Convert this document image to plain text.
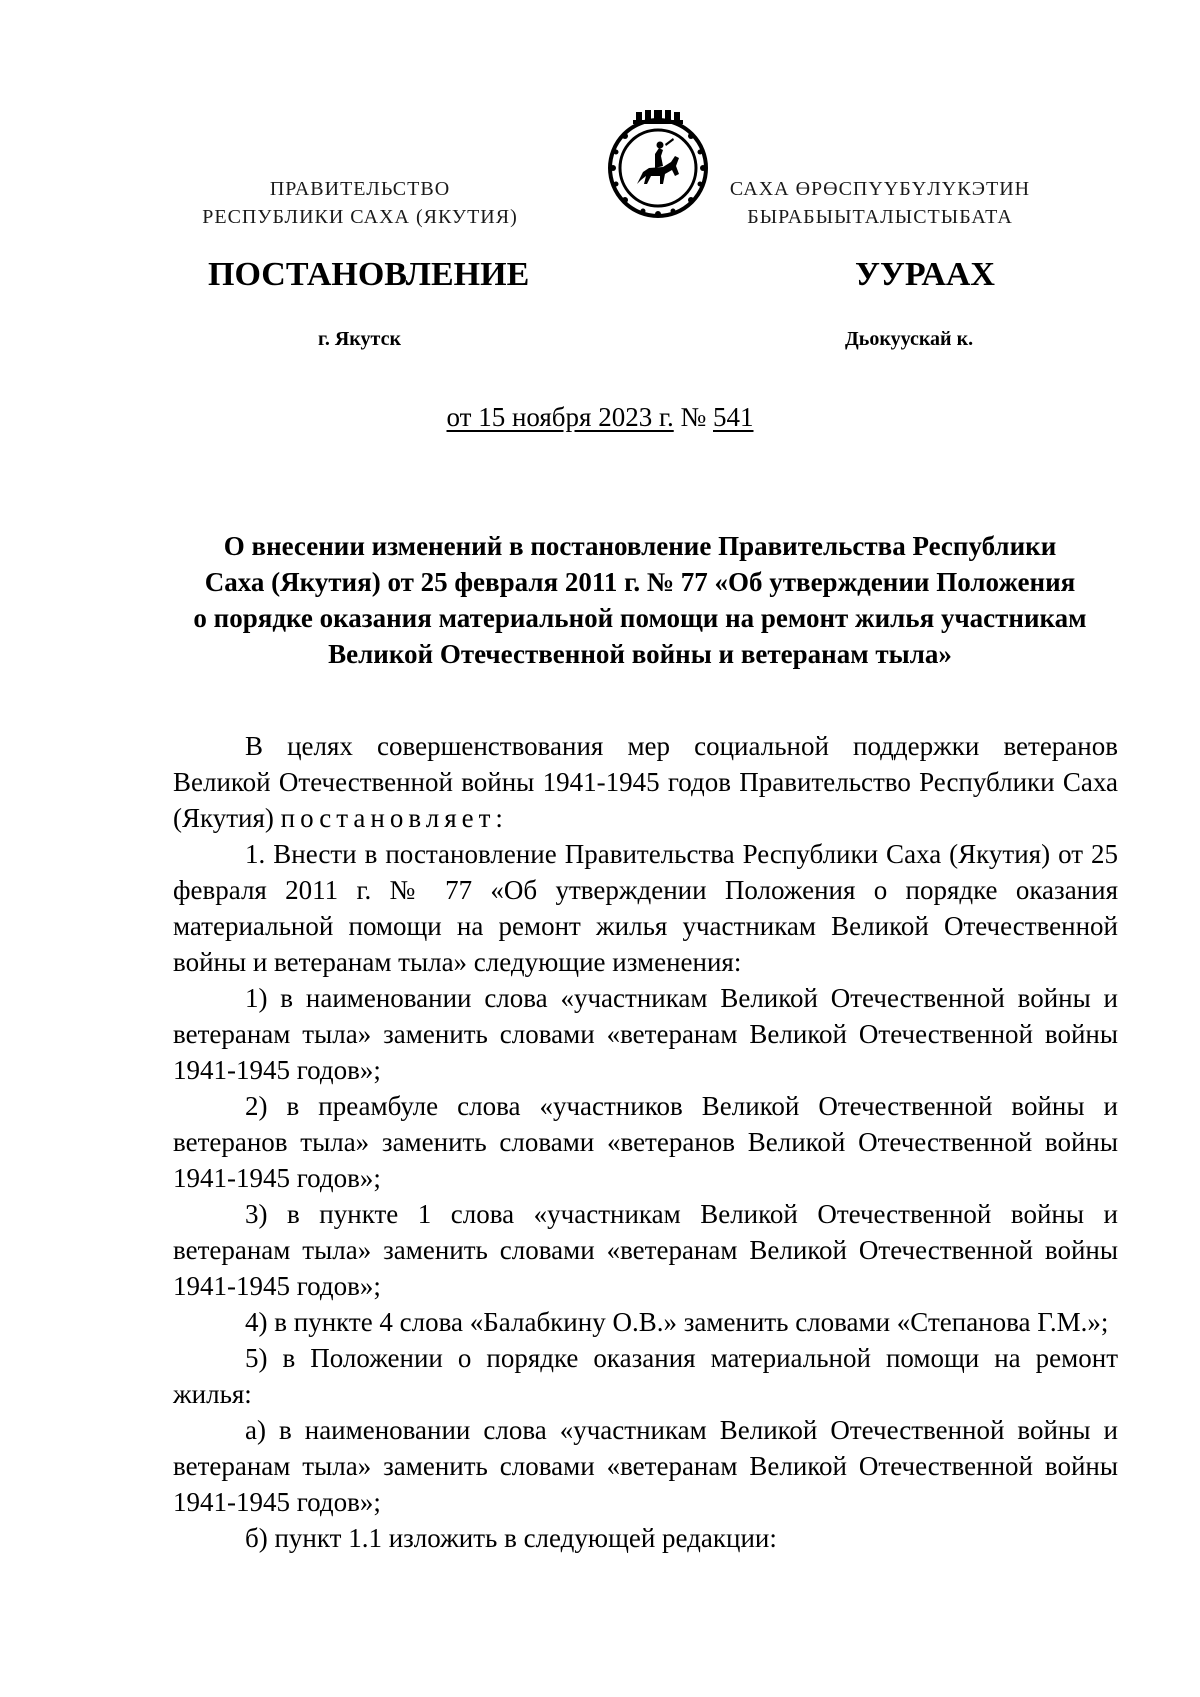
ПРАВИТЕЛЬСТВО
РЕСПУБЛИКИ САХА (ЯКУТИЯ)
САХА ӨРӨСПҮҮБҮЛҮКЭТИН
БЫРАБЫЫТАЛЫСТЫБАТА
ПОСТАНОВЛЕНИЕ	УУРААХ
г. Якутск	Дьокуускай к.
от 15 ноября 2023 г. № 541
О внесении изменений в постановление Правительства Республики
Саха (Якутия) от 25 февраля 2011 г. № 77 «Об утверждении Положения
о порядке оказания материальной помощи на ремонт жилья участникам
Великой Отечественной войны и ветеранам тыла»

В целях совершенствования мер социальной поддержки ветеранов Великой Отечественной войны 1941-1945 годов Правительство Республики Саха (Якутия) постановляет:

1. Внести в постановление Правительства Республики Саха (Якутия) от 25 февраля 2011 г. № 77 «Об утверждении Положения о порядке оказания материальной помощи на ремонт жилья участникам Великой Отечественной войны и ветеранам тыла» следующие изменения:

1) в наименовании слова «участникам Великой Отечественной войны и ветеранам тыла» заменить словами «ветеранам Великой Отечественной войны 1941-1945 годов»;

2) в преамбуле слова «участников Великой Отечественной войны и ветеранов тыла» заменить словами «ветеранов Великой Отечественной войны 1941-1945 годов»;

3) в пункте 1 слова «участникам Великой Отечественной войны и ветеранам тыла» заменить словами «ветеранам Великой Отечественной войны 1941-1945 годов»;

4) в пункте 4 слова «Балабкину О.В.» заменить словами «Степанова Г.М.»;

5) в Положении о порядке оказания материальной помощи на ремонт жилья:

а) в наименовании слова «участникам Великой Отечественной войны и ветеранам тыла» заменить словами «ветеранам Великой Отечественной войны 1941-1945 годов»;

б) пункт 1.1 изложить в следующей редакции:
